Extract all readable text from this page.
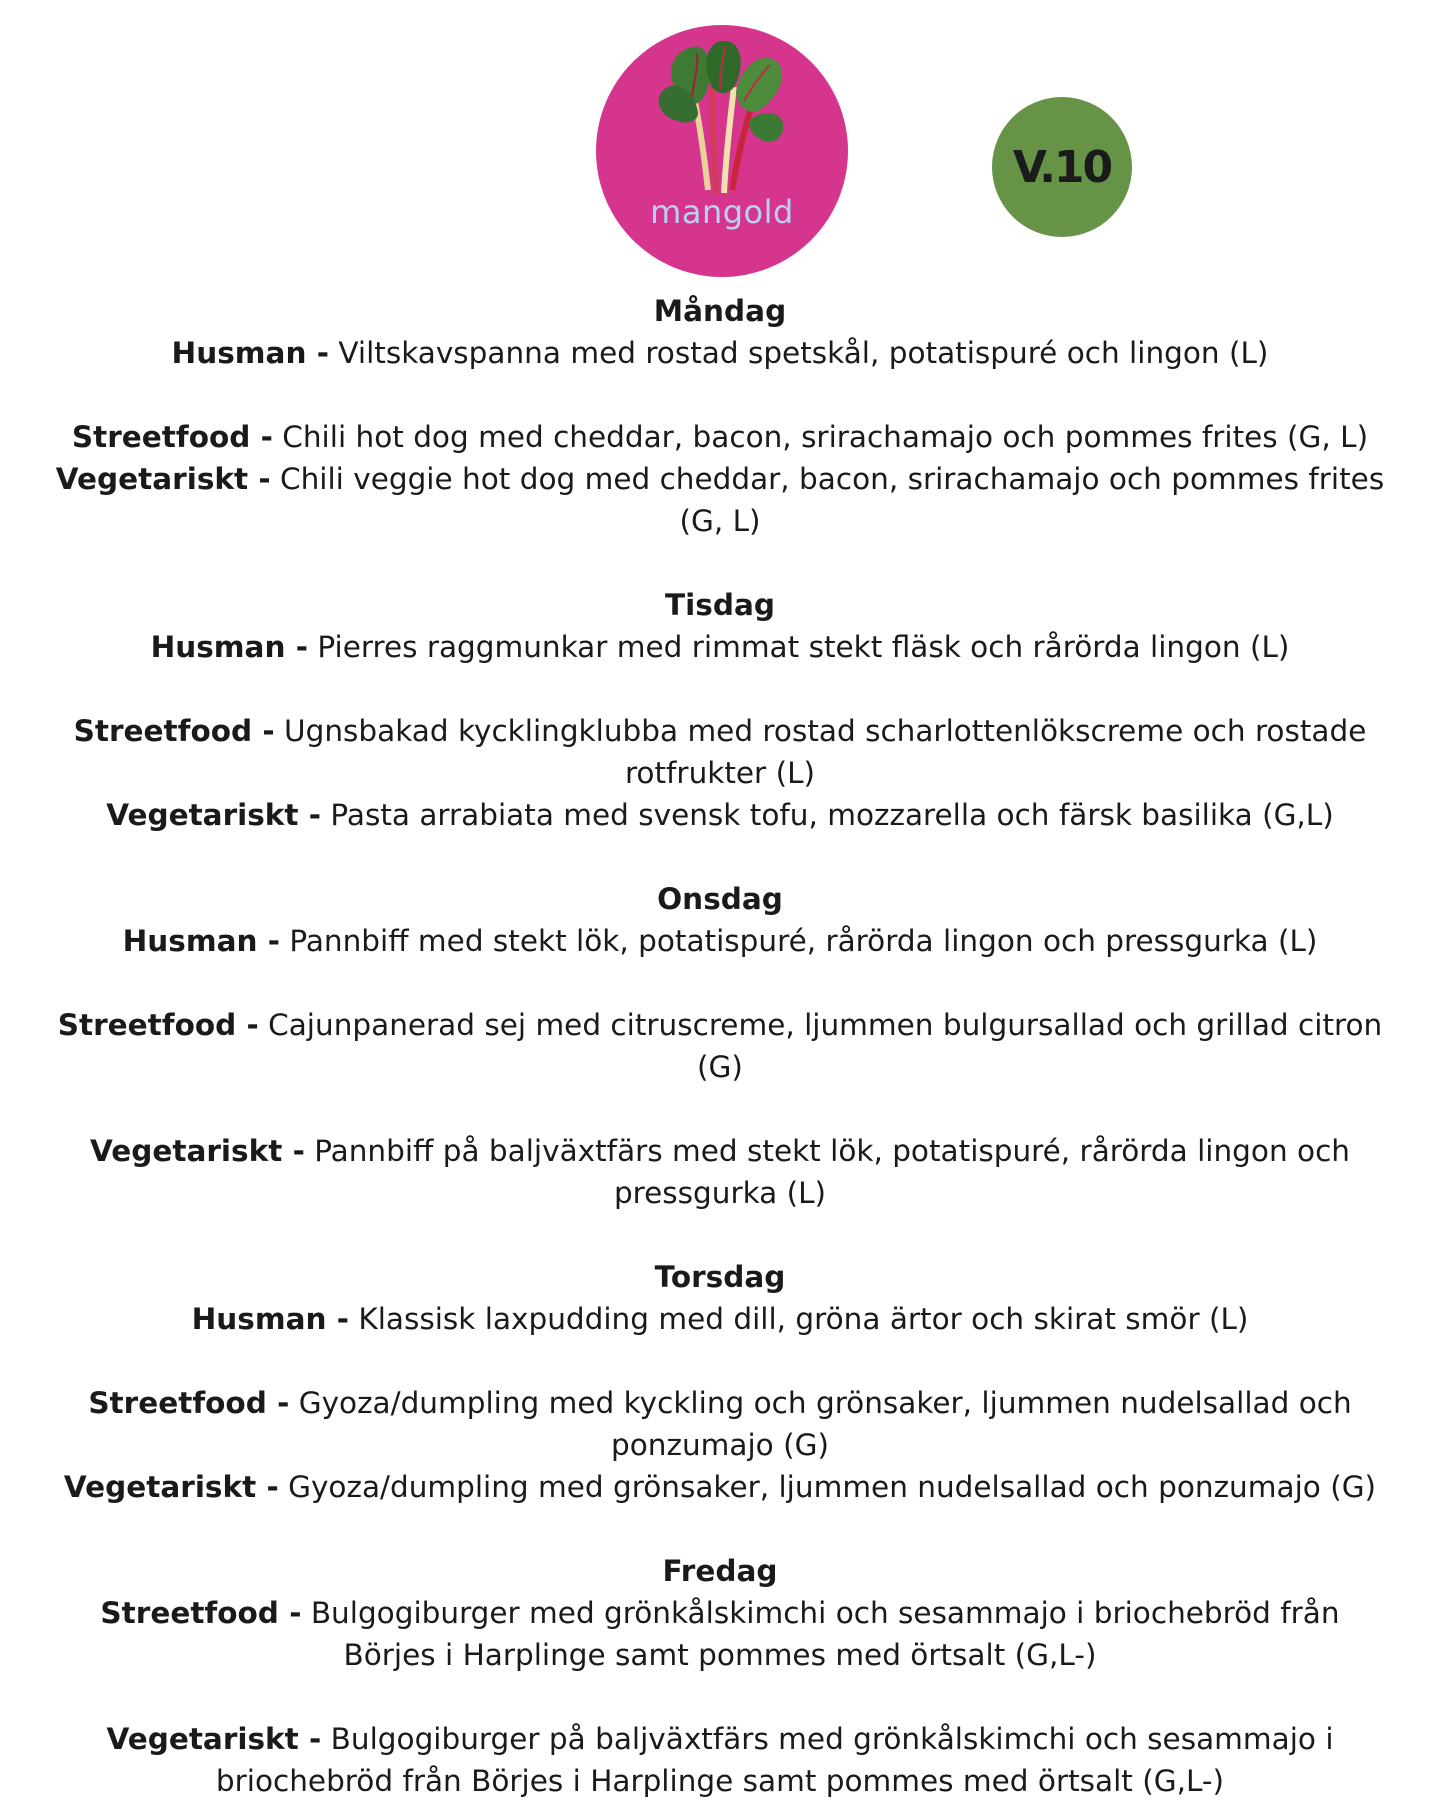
mangold
V.10

Måndag

Husman - Viltskavspanna med rostad spetskål, potatispuré och lingon (L)

Streetfood - Chili hot dog med cheddar, bacon, srirachamajo och pommes frites (G, L)

Vegetariskt - Chili veggie hot dog med cheddar, bacon, srirachamajo och pommes frites (G, L)

Tisdag

Husman - Pierres raggmunkar med rimmat stekt fläsk och rårörda lingon (L)

Streetfood - Ugnsbakad kycklingklubba med rostad scharlottenlökscreme och rostade rotfrukter (L)

Vegetariskt - Pasta arrabiata med svensk tofu, mozzarella och färsk basilika (G,L)

Onsdag

Husman - Pannbiff med stekt lök, potatispuré, rårörda lingon och pressgurka (L)

Streetfood - Cajunpanerad sej med citruscreme, ljummen bulgursallad och grillad citron (G)

Vegetariskt - Pannbiff på baljväxtfärs med stekt lök, potatispuré, rårörda lingon och pressgurka (L)

Torsdag

Husman - Klassisk laxpudding med dill, gröna ärtor och skirat smör (L)

Streetfood - Gyoza/dumpling med kyckling och grönsaker, ljummen nudelsallad och ponzumajo (G)

Vegetariskt - Gyoza/dumpling med grönsaker, ljummen nudelsallad och ponzumajo (G)

Fredag

Streetfood - Bulgogiburger med grönkålskimchi och sesammajo i briochebröd från Börjes i Harplinge samt pommes med örtsalt (G,L-)

Vegetariskt - Bulgogiburger på baljväxtfärs med grönkålskimchi och sesammajo i briochebröd från Börjes i Harplinge samt pommes med örtsalt (G,L-)
